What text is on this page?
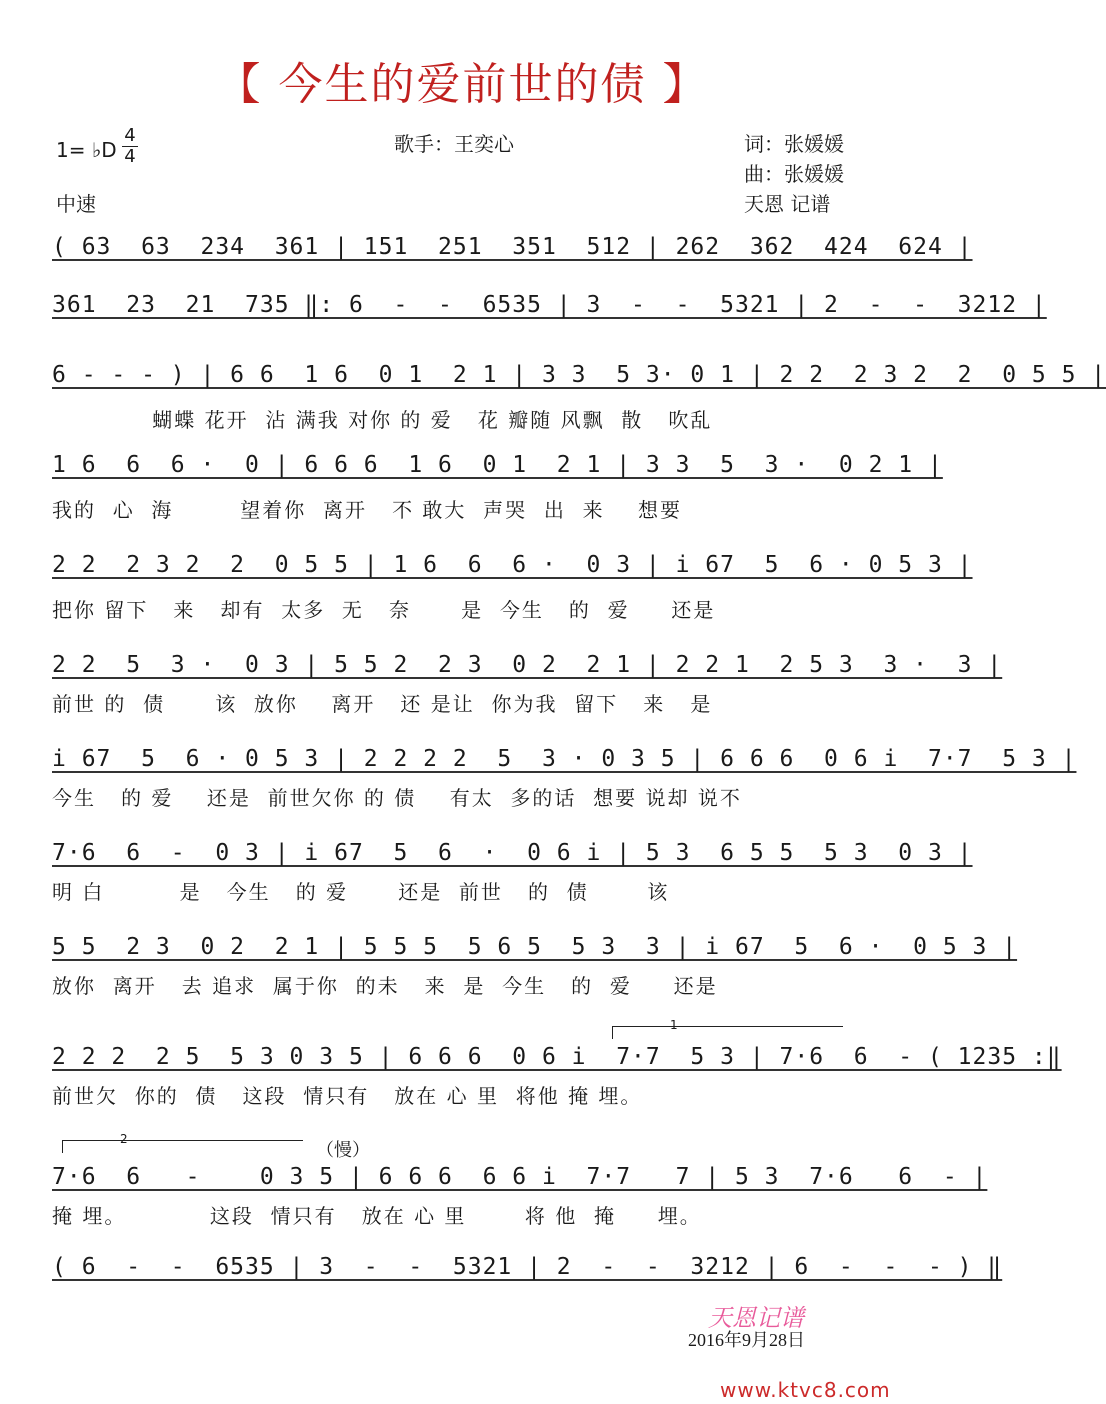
【 今生的爱前世的债 】
1= ♭D
4
4
歌手：王奕心	词：张媛媛
曲：张媛媛
中速	天恩 记谱
( 63  63  234  361 | 151  251  351  512 | 262  362  424  624 |
361  23  21  735 ‖: 6  -  -  6535 | 3  -  -  5321 | 2  -  -  3212 |
6 - - - ) | 6 6  1 6  0 1  2 1 | 3 3  5 3· 0 1 | 2 2  2 3 2  2  0 5 5 |
蝴蝶 花开  沾 满我 对你 的 爱   花 瓣随 风飘  散   吹乱
1 6  6  6 ·  0 | 6 6 6  1 6  0 1  2 1 | 3 3  5  3 ·  0 2 1 |
我的  心  海        望着你  离开   不 敢大  声哭  出  来    想要
2 2  2 3 2  2  0 5 5 | 1 6  6  6 ·  0 3 | i 67  5  6 · 0 5 3 |
把你 留下   来   却有  太多  无   奈      是  今生   的  爱     还是
2 2  5  3 ·  0 3 | 5 5 2  2 3  0 2  2 1 | 2 2 1  2 5 3  3 ·  3 |
前世 的  债      该  放你    离开   还 是让  你为我  留下   来   是
i 67  5  6 · 0 5 3 | 2 2 2 2  5  3 · 0 3 5 | 6 6 6  0 6 i  7·7  5 3 |
今生   的 爱    还是  前世欠你 的 债    有太  多的话  想要 说却 说不
7·6  6  -  0 3 | i 67  5  6  ·  0 6 i | 5 3  6 5 5  5 3  0 3 |
明 白         是   今生   的 爱      还是  前世   的  债       该
5 5  2 3  0 2  2 1 | 5 5 5  5 6 5  5 3  3 | i 67  5  6 ·  0 5 3 |
放你  离开   去 追求  属于你  的未   来  是  今生   的  爱     还是
1
2 2 2  2 5  5 3 0 3 5 | 6 6 6  0 6 i  7·7  5 3 | 7·6  6  - ( 1235 :‖
前世欠  你的  债   这段  情只有   放在 心 里  将他 掩 埋。
2
（慢）
7·6  6   -    0 3 5 | 6 6 6  6 6 i  7·7   7 | 5 3  7·6   6  - |
掩 埋。          这段  情只有   放在 心 里       将 他  掩     埋。
( 6  -  -  6535 | 3  -  -  5321 | 2  -  -  3212 | 6  -  -  - ) ‖
天恩记谱
2016年9月28日
www.ktvc8.com
